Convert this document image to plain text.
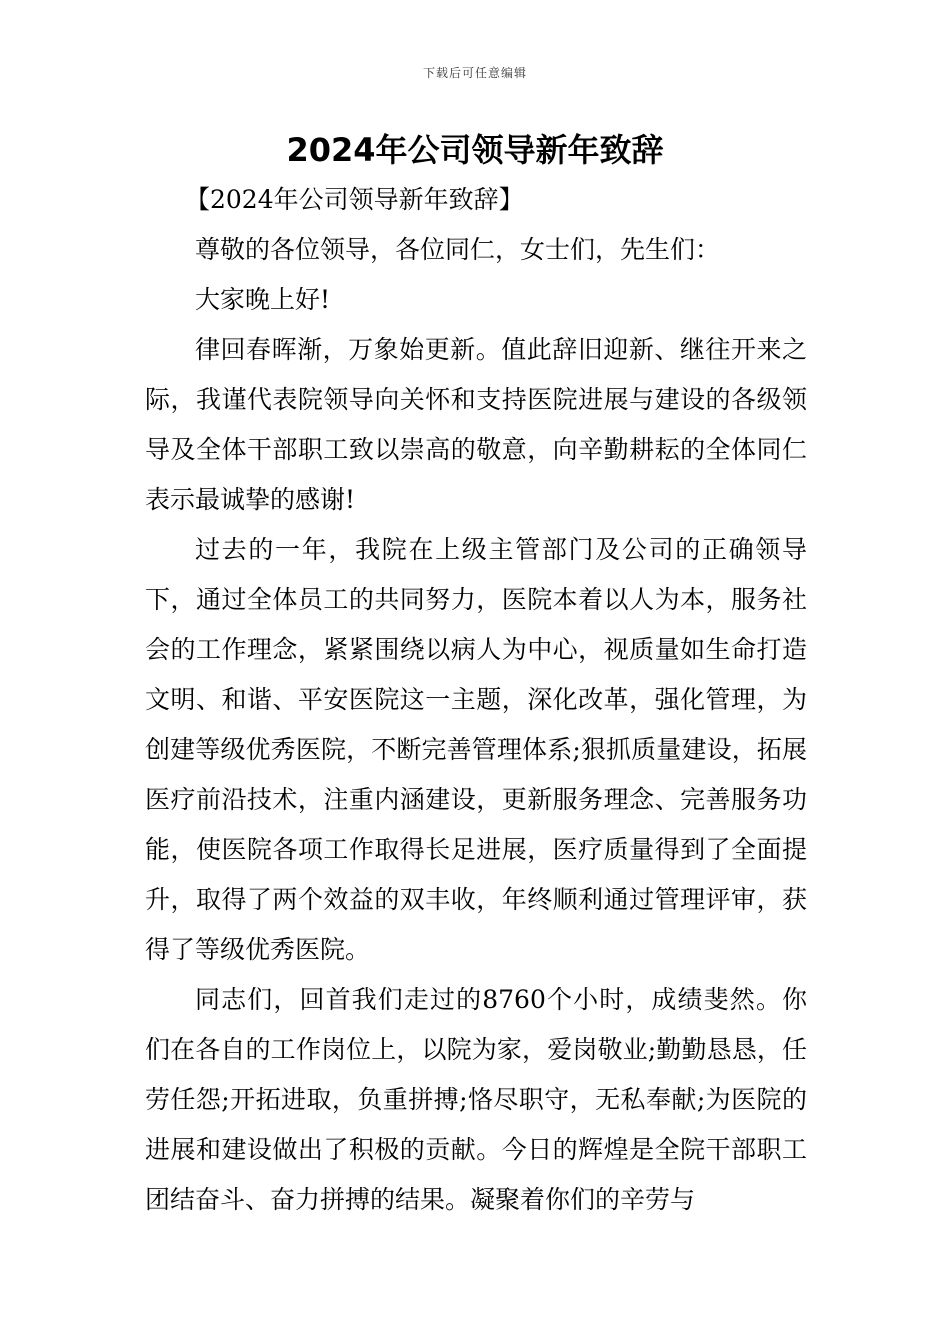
下载后可任意编辑
2024年公司领导新年致辞

【2024年公司领导新年致辞】

尊敬的各位领导，各位同仁，女士们，先生们：

大家晚上好!

律回春晖渐，万象始更新。值此辞旧迎新、继往开来之际，我谨代表院领导向关怀和支持医院进展与建设的各级领导及全体干部职工致以崇高的敬意，向辛勤耕耘的全体同仁表示最诚挚的感谢!

过去的一年，我院在上级主管部门及公司的正确领导下，通过全体员工的共同努力，医院本着以人为本，服务社会的工作理念，紧紧围绕以病人为中心，视质量如生命打造文明、和谐、平安医院这一主题，深化改革，强化管理，为创建等级优秀医院，不断完善管理体系;狠抓质量建设，拓展医疗前沿技术，注重内涵建设，更新服务理念、完善服务功能，使医院各项工作取得长足进展，医疗质量得到了全面提升，取得了两个效益的双丰收，年终顺利通过管理评审，获得了等级优秀医院。

同志们，回首我们走过的8760个小时，成绩斐然。你们在各自的工作岗位上，以院为家，爱岗敬业;勤勤恳恳，任劳任怨;开拓进取，负重拼搏;恪尽职守，无私奉献;为医院的进展和建设做出了积极的贡献。今日的辉煌是全院干部职工团结奋斗、奋力拼搏的结果。凝聚着你们的辛劳与
